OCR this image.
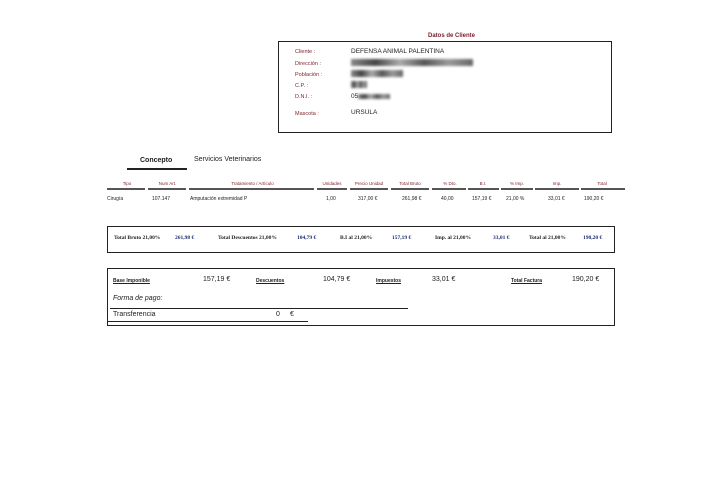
Datos de Cliente
Cliente :	DEFENSA ANIMAL PALENTINA
Dirección :
Población :
C.P. :
D.N.I. :	05
Mascota :	URSULA
Concepto	Servicios Veterinarios
Tipo	Num Art.	Tratamiento / Artículo	Unidades	Precio Unidad	Total Bruto	% Dto.	B.I.	% Imp.	Imp.	Total
Cirugía	107.147	Amputación extremidad P	1,00	317,00 €	261,98 €	40,00	157,19 €	21,00 %	33,01 €	190,20 €
Total Bruto 21,00%	261,98 €	Total Descuentos 21,00%	104,79 €	B.I al 21,00%	157,19 €	Imp. al 21,00%	33,01 €	Total al 21,00%	190,20 €
Base Imponible	157,19 €	Descuentos	104,79 €	Impuestos	33,01 €	Total Factura	190,20 €
Forma de pago:
Transferencia	0 €
